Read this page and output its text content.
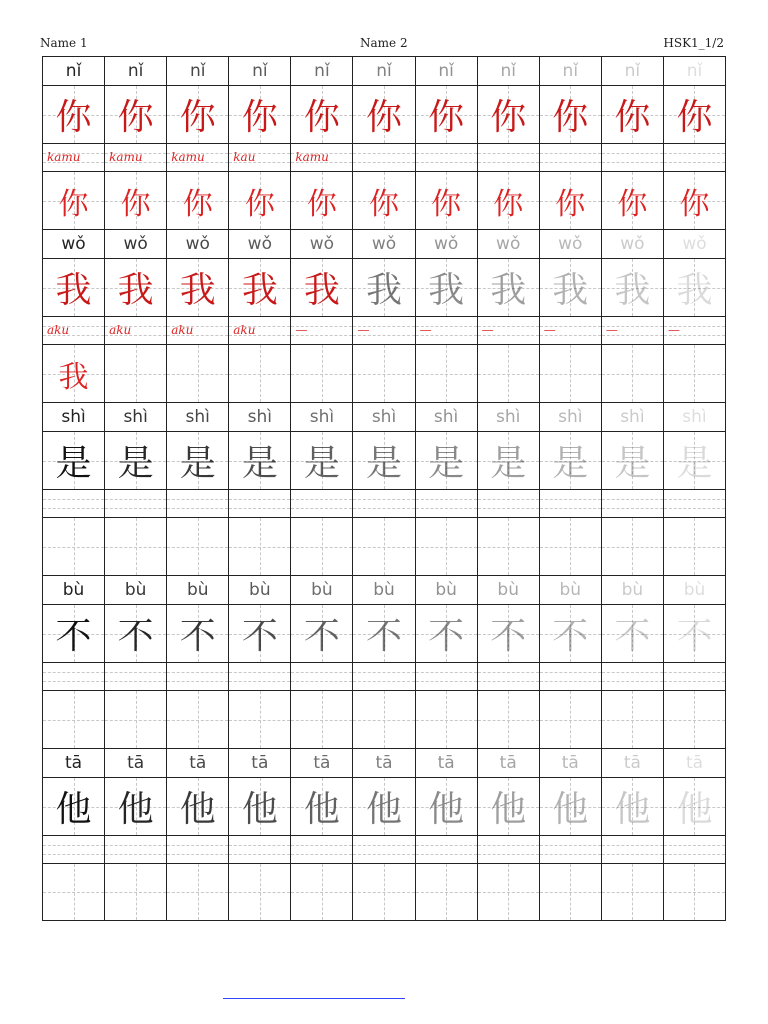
Name 1	Name 2	HSK1_1/2
nǐ	nǐ	nǐ	nǐ	nǐ	nǐ	nǐ	nǐ	nǐ	nǐ	nǐ
你 你 你 你 你 你 你 你 你 你 你
kamu kamu kamu kau	kamu
你 你 你 你 你 你 你 你 你 你 你
wǒ wǒ wǒ wǒ wǒ wǒ wǒ wǒ wǒ wǒ wǒ
我 我 我 我 我 我 我 我 我 我 我
aku	aku	aku	aku	—	—	—	—	—	—	—
我
shì shì shì shì shì shì shì shì shì shì shì
是 是 是 是 是 是 是 是 是 是 是
bù bù bù bù bù bù bù bù bù bù bù
不 不 不 不 不 不 不 不 不 不 不
tā	tā	tā	tā	tā	tā	tā	tā	tā	tā	tā
他 他 他 他 他 他 他 他 他 他 他
